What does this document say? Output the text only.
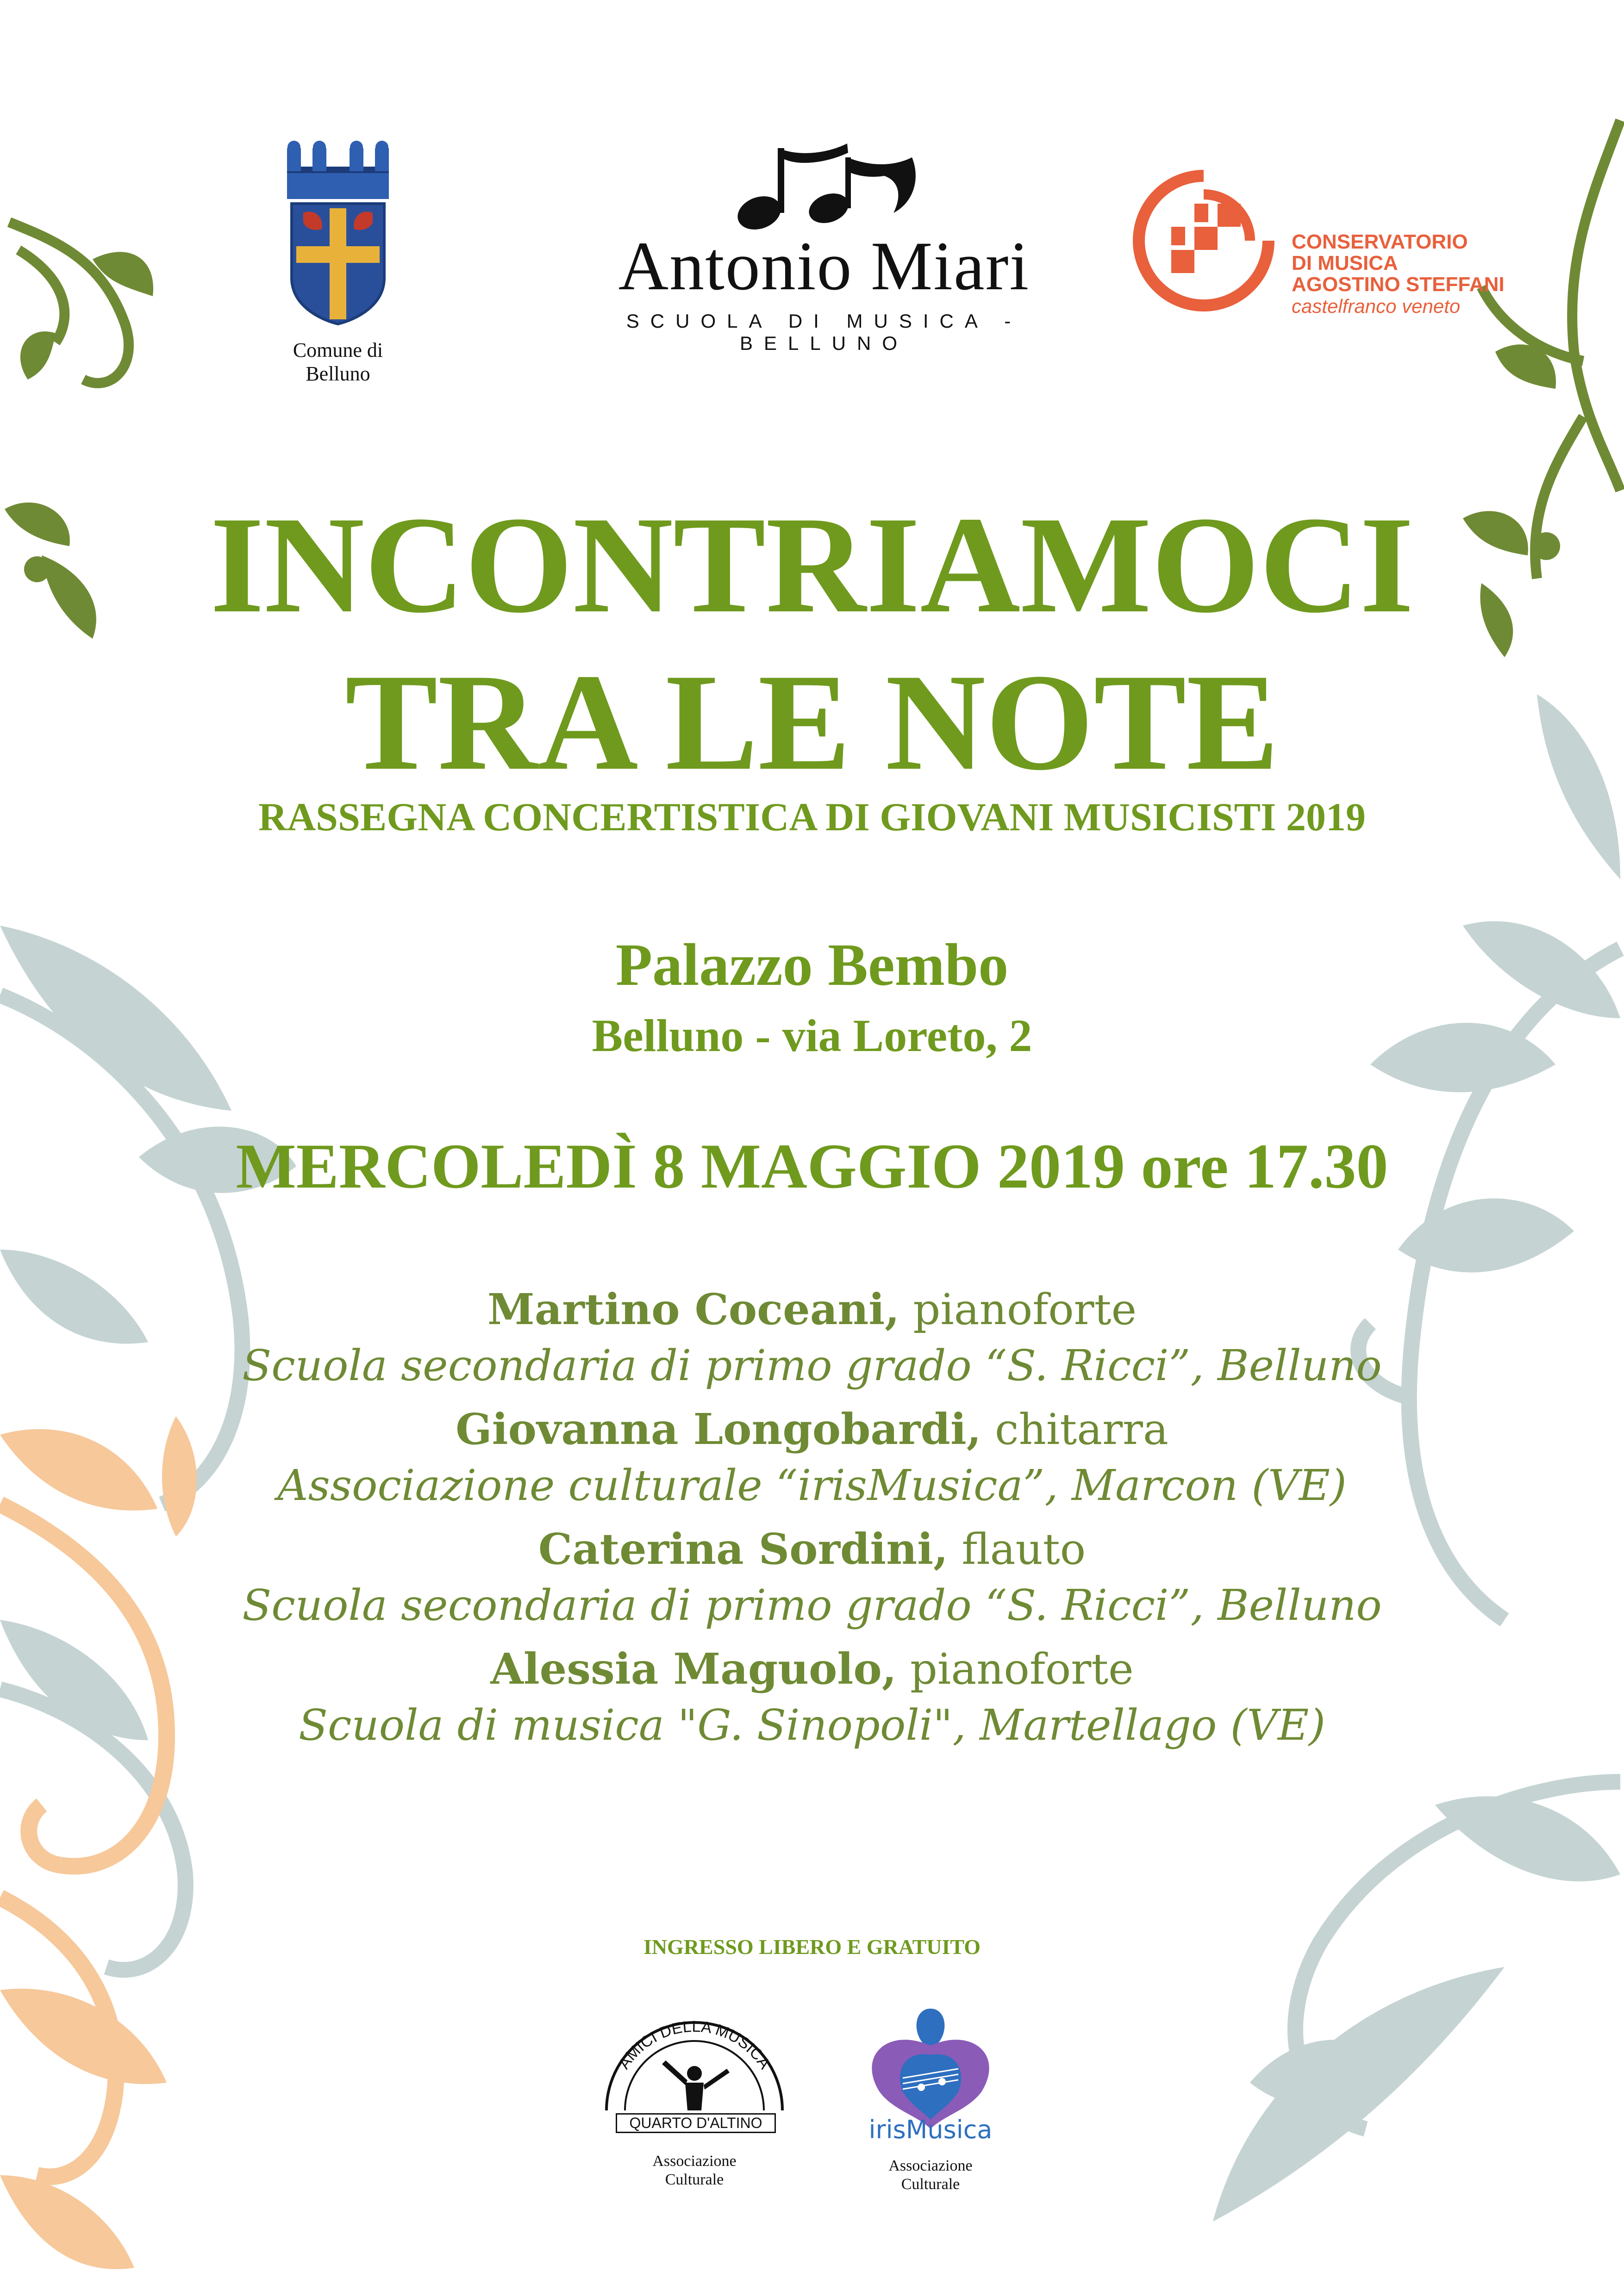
Comune di Belluno
Antonio Miari
SCUOLA DI MUSICA - BELLUNO
CONSERVATORIO
DI MUSICA
AGOSTINO STEFFANI
castelfranco veneto
INCONTRIAMOCI
TRA LE NOTE
RASSEGNA CONCERTISTICA DI GIOVANI MUSICISTI 2019
Palazzo Bembo
Belluno - via Loreto, 2
MERCOLEDÌ 8 MAGGIO 2019 ore 17.30
Martino Coceani, pianoforte
Scuola secondaria di primo grado “S. Ricci”, Belluno
Giovanna Longobardi, chitarra
Associazione culturale “irisMusica”, Marcon (VE)
Caterina Sordini, flauto
Scuola secondaria di primo grado “S. Ricci”, Belluno
Alessia Maguolo, pianoforte
Scuola di musica "G. Sinopoli", Martellago (VE)
INGRESSO LIBERO E GRATUITO
AMICI DELLA MUSICA
QUARTO D'ALTINO
Associazione
Culturale
irisMusica
Associazione
Culturale
